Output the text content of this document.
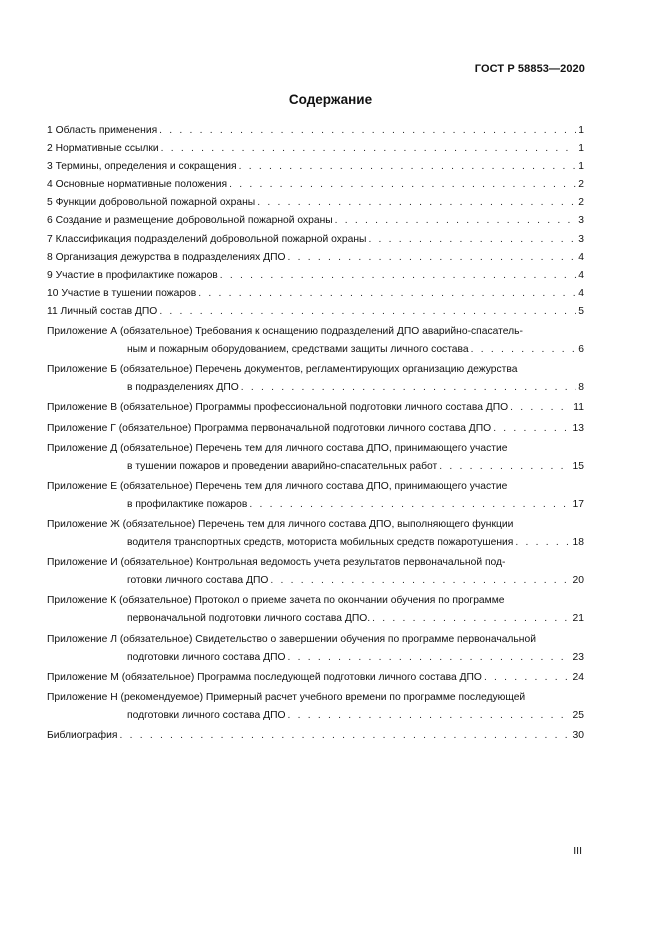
ГОСТ Р 58853—2020
Содержание
1 Область применения . . .	1
2 Нормативные ссылки . . .	1
3 Термины, определения и сокращения . . .	1
4 Основные нормативные положения . . .	2
5 Функции добровольной пожарной охраны . . .	2
6 Создание и размещение добровольной пожарной охраны . . .	3
7 Классификация подразделений добровольной пожарной охраны . . .	3
8 Организация дежурства в подразделениях ДПО . . .	4
9 Участие в профилактике пожаров . . .	4
10 Участие в тушении пожаров . . .	4
11 Личный состав ДПО . . .	5
Приложение А (обязательное) Требования к оснащению подразделений ДПО аварийно-спасатель-
ным и пожарным оборудованием, средствами защиты личного состава . . .	6
Приложение Б (обязательное) Перечень документов, регламентирующих организацию дежурства
в подразделениях ДПО . . .	8
Приложение В (обязательное) Программы профессиональной подготовки личного состава ДПО . . .	11
Приложение Г (обязательное) Программа первоначальной подготовки личного состава ДПО . . .	13
Приложение Д (обязательное) Перечень тем для личного состава ДПО, принимающего участие
в тушении пожаров и проведении аварийно-спасательных работ . . .	15
Приложение Е (обязательное) Перечень тем для личного состава ДПО, принимающего участие
в профилактике пожаров . . .	17
Приложение Ж (обязательное) Перечень тем для личного состава ДПО, выполняющего функции
водителя транспортных средств, моториста мобильных средств пожаротушения . . .	18
Приложение И (обязательное) Контрольная ведомость учета результатов первоначальной под-
готовки личного состава ДПО . . .	20
Приложение К (обязательное) Протокол о приеме зачета по окончании обучения по программе
первоначальной подготовки личного состава ДПО. . . .	21
Приложение Л (обязательное) Свидетельство о завершении обучения по программе первоначальной
подготовки личного состава ДПО . . .	23
Приложение М (обязательное) Программа последующей подготовки личного состава ДПО . . .	24
Приложение Н (рекомендуемое) Примерный расчет учебного времени по программе последующей
подготовки личного состава ДПО . . .	25
Библиография . . .	30
III
